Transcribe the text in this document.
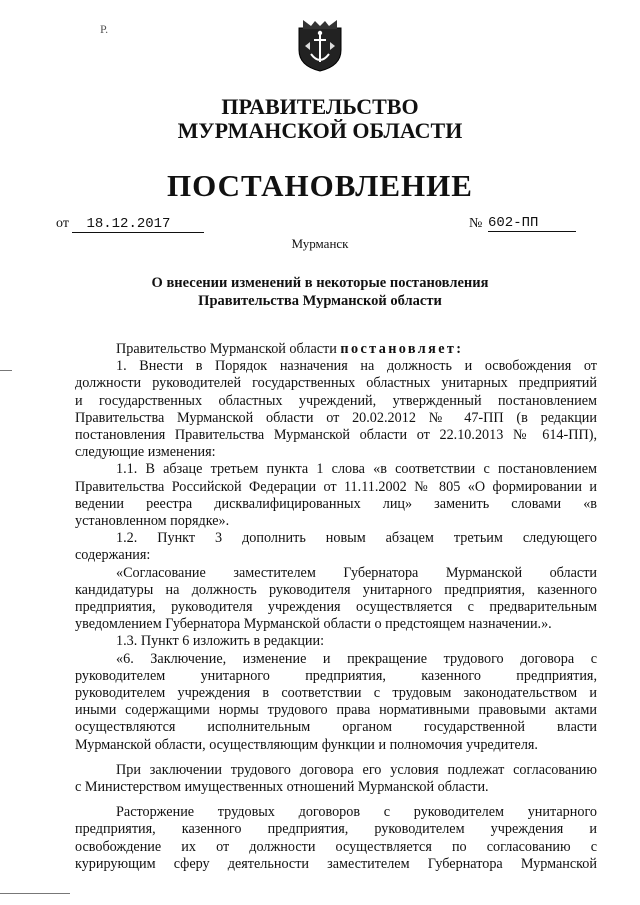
Р.
ПРАВИТЕЛЬСТВО
МУРМАНСКОЙ ОБЛАСТИ
ПОСТАНОВЛЕНИЕ
от 18.12.2017	№ 602-ПП
Мурманск
О внесении изменений в некоторые постановления
Правительства Мурманской области

Правительство Мурманской области постановляет:

1. Внести в Порядок назначения на должность и освобождения от

должности руководителей государственных областных унитарных предприятий

и государственных областных учреждений, утвержденный постановлением

Правительства Мурманской области от 20.02.2012 № 47-ПП (в редакции

постановления Правительства Мурманской области от 22.10.2013 № 614-ПП),

следующие изменения:

1.1. В абзаце третьем пункта 1 слова «в соответствии с постановлением

Правительства Российской Федерации от 11.11.2002 № 805 «О формировании и

ведении реестра дисквалифицированных лиц» заменить словами «в

установленном порядке».

1.2. Пункт 3 дополнить новым абзацем третьим следующего

содержания:

«Согласование заместителем Губернатора Мурманской области

кандидатуры на должность руководителя унитарного предприятия, казенного

предприятия, руководителя учреждения осуществляется с предварительным

уведомлением Губернатора Мурманской области о предстоящем назначении.».

1.3. Пункт 6 изложить в редакции:

«6. Заключение, изменение и прекращение трудового договора с

руководителем унитарного предприятия, казенного предприятия,

руководителем учреждения в соответствии с трудовым законодательством и

иными содержащими нормы трудового права нормативными правовыми актами

осуществляются исполнительным органом государственной власти

Мурманской области, осуществляющим функции и полномочия учредителя.

При заключении трудового договора его условия подлежат согласованию

с Министерством имущественных отношений Мурманской области.

Расторжение трудовых договоров с руководителем унитарного

предприятия, казенного предприятия, руководителем учреждения и

освобождение их от должности осуществляется по согласованию с

курирующим сферу деятельности заместителем Губернатора Мурманской
